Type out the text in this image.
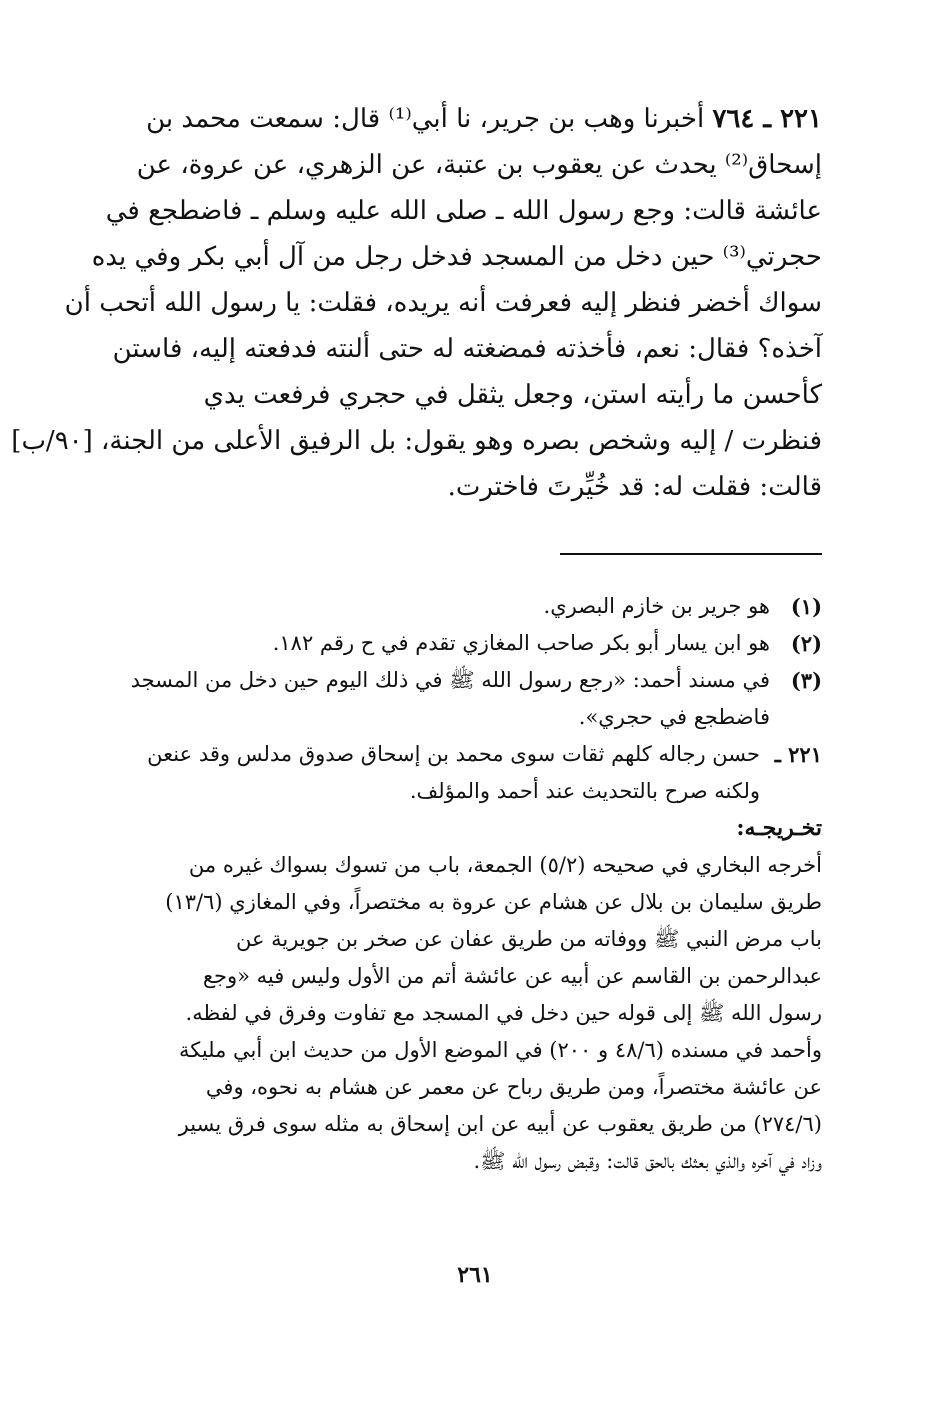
٢٢١ ـ ٧٦٤ أخبرنا وهب بن جرير، نا أبي⁽¹⁾ قال: سمعت محمد بن
إسحاق⁽²⁾ يحدث عن يعقوب بن عتبة، عن الزهري، عن عروة، عن
عائشة قالت: وجع رسول الله ـ صلى الله عليه وسلم ـ فاضطجع في
حجرتي⁽³⁾ حين دخل من المسجد فدخل رجل من آل أبي بكر وفي يده
سواك أخضر فنظر إليه فعرفت أنه يريده، فقلت: يا رسول الله أتحب أن
آخذه؟ فقال: نعم، فأخذته فمضغته له حتى ألنته فدفعته إليه، فاستن
كأحسن ما رأيته استن، وجعل يثقل في حجري فرفعت يدي
فنظرت / إليه وشخص بصره وهو يقول: بل الرفيق الأعلى من الجنة، [٩٠/ب]
قالت: فقلت له: قد خُيِّرتَ فاخترت.
(١)
هو جرير بن خازم البصري.
(٢)
هو ابن يسار أبو بكر صاحب المغازي تقدم في ح رقم ١٨٢.
(٣)
في مسند أحمد: «رجع رسول الله ﷺ في ذلك اليوم حين دخل من المسجد
فاضطجع في حجري».
٢٢١ ـ
حسن رجاله كلهم ثقات سوى محمد بن إسحاق صدوق مدلس وقد عنعن
ولكنه صرح بالتحديث عند أحمد والمؤلف.
تخـريجـه:
أخرجه البخاري في صحيحه (٥/٢) الجمعة، باب من تسوك بسواك غيره من
طريق سليمان بن بلال عن هشام عن عروة به مختصراً، وفي المغازي (١٣/٦)
باب مرض النبي ﷺ ووفاته من طريق عفان عن صخر بن جويرية عن
عبدالرحمن بن القاسم عن أبيه عن عائشة أتم من الأول وليس فيه «وجع
رسول الله ﷺ إلى قوله حين دخل في المسجد مع تفاوت وفرق في لفظه.
وأحمد في مسنده (٤٨/٦ و ٢٠٠) في الموضع الأول من حديث ابن أبي مليكة
عن عائشة مختصراً، ومن طريق رباح عن معمر عن هشام به نحوه، وفي
(٢٧٤/٦) من طريق يعقوب عن أبيه عن ابن إسحاق به مثله سوى فرق يسير
وزاد في آخره والذي بعثك بالحق قالت: وقبض رسول الله ﷺ.
٢٦١
